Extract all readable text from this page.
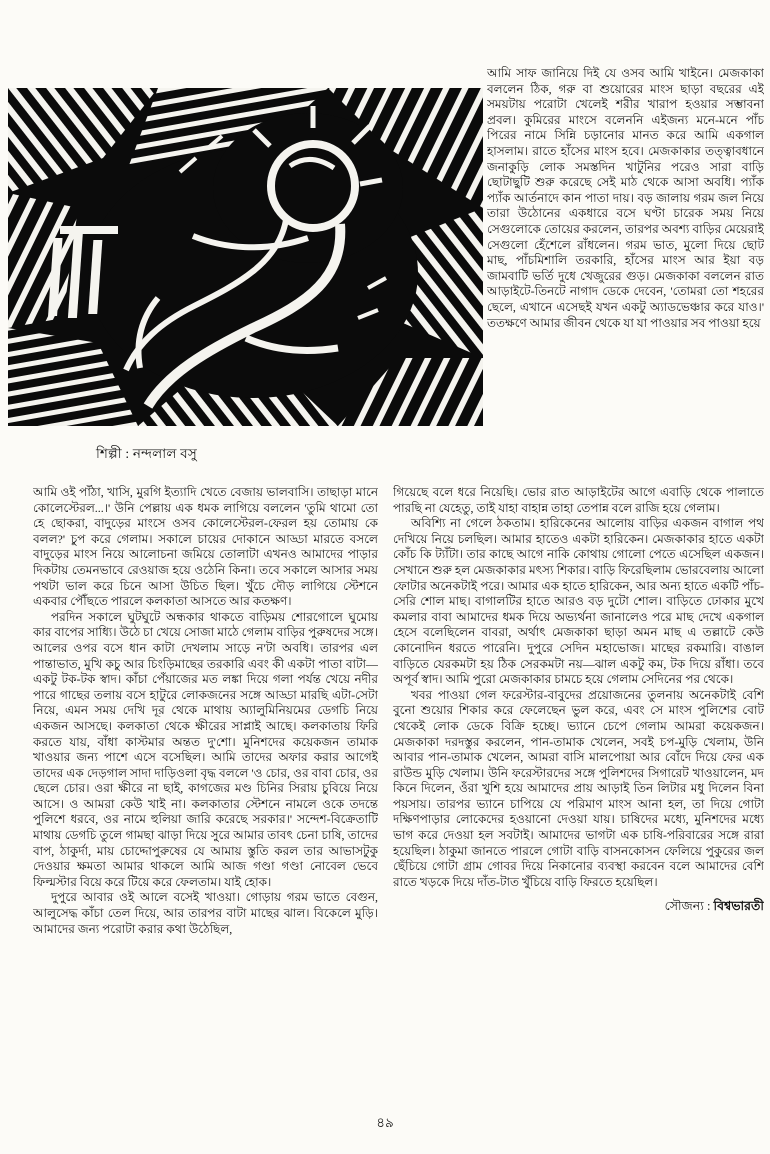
শিল্পী : নন্দলাল বসু

আমি সাফ জানিয়ে দিই যে ওসব আমি খাইনে। মেজকাকা বললেন ঠিক, গরু বা শুয়োরের মাংস ছাড়া বছরের এই সময়টায় পরোটা খেলেই শরীর খারাপ হওয়ার সম্ভাবনা প্রবল। কুমিরের মাংসে বলেননি এইজন্য মনে-মনে পাঁচ পিরের নামে সিন্নি চড়ানোর মানত করে আমি একগাল হাসলাম। রাতে হাঁসের মাংস হবে। মেজকাকার তত্ত্বাবধানে জনাকুড়ি লোক সমস্তদিন খাটুনির পরেও সারা বাড়ি ছোটাছুটি শুরু করেছে সেই মাঠ থেকে আসা অবধি। প্যাঁক প্যাঁক আর্তনাদে কান পাতা দায়। বড় জালায় গরম জল নিয়ে তারা উঠোনের একধারে বসে ঘণ্টা চারেক সময় নিয়ে সেগুলোকে তোয়ের করলেন, তারপর অবশ্য বাড়ির মেয়েরাই সেগুলো হেঁশেলে রাঁধলেন। গরম ভাত, মুলো দিয়ে ছোট মাছ, পাঁচমিশালি তরকারি, হাঁসের মাংস আর ইয়া বড় জামবাটি ভর্তি দুধে খেজুরের গুড়। মেজকাকা বললেন রাত আড়াইটে-তিনটে নাগাদ ডেকে দেবেন, 'তোমরা তো শহরের ছেলে, এখানে এসেছই যখন একটু অ্যাডভেঞ্চার করে যাও।' ততক্ষণে আমার জীবন থেকে যা যা পাওয়ার সব পাওয়া হয়ে

আমি ওই পাঁঠা, খাসি, মুরগি ইত্যাদি খেতে বেজায় ভালবাসি। তাছাড়া মানে কোলেস্টেরল...।' উনি পেল্লায় এক ধমক লাগিয়ে বললেন 'তুমি থামো তো হে ছোকরা, বাদুড়ের মাংসে ওসব কোলেস্টেরল-ফেরল হয় তোমায় কে বলল?' চুপ করে গেলাম। সকালে চায়ের দোকানে আড্ডা মারতে বসলে বাদুড়ের মাংস নিয়ে আলোচনা জমিয়ে তোলাটা এখনও আমাদের পাড়ার দিকটায় তেমনভাবে রেওয়াজ হয়ে ওঠেনি কিনা। তবে সকালে আসার সময় পথটা ভাল করে চিনে আসা উচিত ছিল। খুঁচে দৌড় লাগিয়ে স্টেশনে একবার পৌঁছতে পারলে কলকাতা আসতে আর কতক্ষণ।

পরদিন সকালে ঘুটঘুটে অন্ধকার থাকতে বাড়িময় শোরগোলে ঘুমোয় কার বাপের সাধ্যি। উঠে চা খেয়ে সোজা মাঠে গেলাম বাড়ির পুরুষদের সঙ্গে। আলের ওপর বসে ধান কাটা দেখলাম সাড়ে ন'টা অবধি। তারপর এল পান্তাভাত, মুখি কচু আর চিংড়িমাছের তরকারি এবং কী একটা পাতা বাটা—একটু টক-টক স্বাদ। কাঁচা পেঁয়াজের মত লঙ্কা দিয়ে গলা পর্যন্ত খেয়ে নদীর পারে গাছের তলায় বসে হাটুরে লোকজনের সঙ্গে আড্ডা মারছি এটা-সেটা নিয়ে, এমন সময় দেখি দূর থেকে মাথায় অ্যালুমিনিয়মের ডেগচি নিয়ে একজন আসছে। কলকাতা থেকে ক্ষীরের সাপ্লাই আছে। কলকাতায় ফিরি করতে যায়, বাঁধা কাস্টমার অন্তত দু'শো। মুনিশদের কয়েকজন তামাক খাওয়ার জন্য পাশে এসে বসেছিল। আমি তাদের অফার করার আগেই তাদের এক দেড়গাল সাদা দাড়িওলা বৃদ্ধ বললে 'ও চোর, ওর বাবা চোর, ওর ছেলে চোর। ওরা ক্ষীরে না ছাই, কাগজের মণ্ড চিনির সিরায় চুবিয়ে নিয়ে আসে। ও আমরা কেউ খাই না। কলকাতার স্টেশনে নামলে ওকে তদন্তে পুলিশে ধরবে, ওর নামে হুলিয়া জারি করেছে সরকার।' সন্দেশ-বিক্রেতাটি মাথায় ডেগচি তুলে গামছা ঝাড়া দিয়ে সুরে আমার তাবৎ চেনা চাষি, তাদের বাপ, ঠাকুর্দা, মায় চোদ্দোপুরুষের যে আমায় স্তুতি করল তার আভাসটুকু দেওয়ার ক্ষমতা আমার থাকলে আমি আজ গণ্ডা গণ্ডা নোবেল ভেবে ফিল্মস্টার বিয়ে করে টিয়ে করে ফেলতাম। যাই হোক।

দুপুরে আবার ওই আলে বসেই খাওয়া। গোড়ায় গরম ভাতে বেগুন, আলুসেদ্ধ কাঁচা তেল দিয়ে, আর তারপর বাটা মাছের ঝাল। বিকেলে মুড়ি। আমাদের জন্য পরোটা করার কথা উঠেছিল,

গিয়েছে বলে ধরে নিয়েছি। ভোর রাত আড়াইটের আগে এবাড়ি থেকে পালাতে পারছি না যেহেতু, তাই যাহা বাহান্ন তাহা তেপান্ন বলে রাজি হয়ে গেলাম।

অবিশ্যি না গেলে ঠকতাম। হারিকেনের আলোয় বাড়ির একজন বাগাল পথ দেখিয়ে নিয়ে চলছিল। আমার হাতেও একটা হারিকেন। মেজকাকার হাতে একটা কোঁচ কি ট্যাঁটা। তার কাছে আগে নাকি কোথায় গোলো পেতে এসেছিল একজন। সেখানে শুরু হল মেজকাকার মৎস্য শিকার। বাড়ি ফিরেছিলাম ভোরবেলায় আলো ফোটার অনেকটাই পরে। আমার এক হাতে হারিকেন, আর অন্য হাতে একটি পাঁচ-সেরি শোল মাছ। বাগালটির হাতে আরও বড় দুটো শোল। বাড়িতে ঢোকার মুখে কমলার বাবা আমাদের ধমক দিয়ে অভ্যর্থনা জানালেও পরে মাছ দেখে একগাল হেসে বলেছিলেন বাবরা, অর্থাৎ মেজকাকা ছাড়া অমন মাছ এ তল্লাটে কেউ কোনোদিন ধরতে পারেনি। দুপুরে সেদিন মহাভোজ। মাছের রকমারি। বাঙাল বাড়িতে যেরকমটা হয় ঠিক সেরকমটা নয়—ঝাল একটু কম, টক দিয়ে রাঁধা। তবে অপূর্ব স্বাদ। আমি পুরো মেজকাকার চামচে হয়ে গেলাম সেদিনের পর থেকে।

খবর পাওয়া গেল ফরেস্টার-বাবুদের প্রয়োজনের তুলনায় অনেকটাই বেশি বুনো শুয়োর শিকার করে ফেলেছেন ভুল করে, এবং সে মাংস পুলিশের বোট থেকেই লোক ডেকে বিক্রি হচ্ছে। ভ্যানে চেপে গেলাম আমরা কয়েকজন। মেজকাকা দরদস্তুর করলেন, পান-তামাক খেলেন, সবই চপ-মুড়ি খেলাম, উনি আবার পান-তামাক খেলেন, আমরা বাসি মালপোয়া আর বোঁদে দিয়ে ফের এক রাউন্ড মুড়ি খেলাম। উনি ফরেস্টারদের সঙ্গে পুলিশদের সিগারেট খাওয়ালেন, মদ কিনে দিলেন, ওঁরা খুশি হয়ে আমাদের প্রায় আড়াই তিন লিটার মধু দিলেন বিনা পয়সায়। তারপর ভ্যানে চাপিয়ে যে পরিমাণ মাংস আনা হল, তা দিয়ে গোটা দক্ষিণপাড়ার লোকেদের হওয়ানো দেওয়া যায়। চাষিদের মধ্যে, মুনিশদের মধ্যে ভাগ করে দেওয়া হল সবটাই। আমাদের ভাগটা এক চাষি-পরিবারের সঙ্গে রারা হয়েছিল। ঠাকুমা জানতে পারলে গোটা বাড়ি বাসনকোসন ফেলিয়ে পুকুরের জল ছেঁচিয়ে গোটা গ্রাম গোবর দিয়ে নিকানোর ব্যবস্থা করবেন বলে আমাদের বেশি রাতে খড়কে দিয়ে দাঁত-টাত খুঁচিয়ে বাড়ি ফিরতে হয়েছিল।

সৌজন্য : বিশ্বভারতী
৪৯
